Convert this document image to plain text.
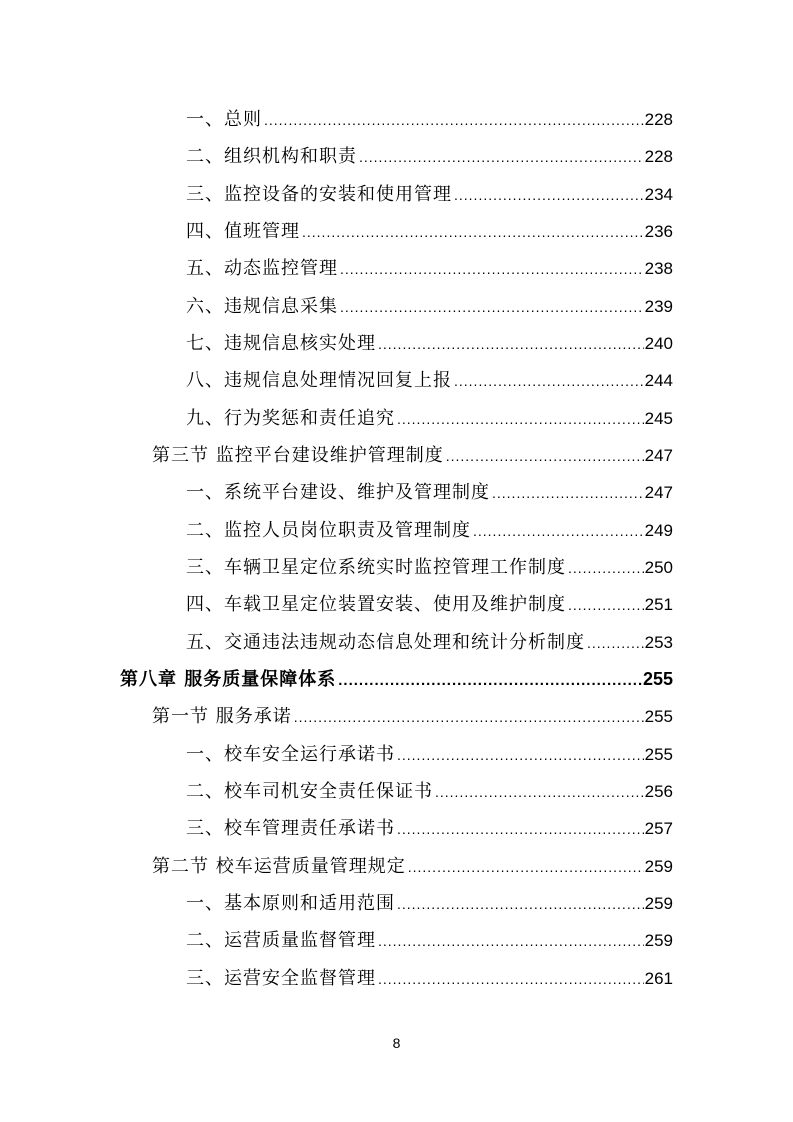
一、总则 .....	228
二、组织机构和职责 .....	228
三、监控设备的安装和使用管理 .....	234
四、值班管理 .....	236
五、动态监控管理 .....	238
六、违规信息采集 .....	239
七、违规信息核实处理 .....	240
八、违规信息处理情况回复上报 .....	244
九、行为奖惩和责任追究 .....	245
第三节 监控平台建设维护管理制度 .....	247
一、系统平台建设、维护及管理制度 .....	247
二、监控人员岗位职责及管理制度 .....	249
三、车辆卫星定位系统实时监控管理工作制度 .....	250
四、车载卫星定位装置安装、使用及维护制度 .....	251
五、交通违法违规动态信息处理和统计分析制度 .....	253
第八章 服务质量保障体系 .....	255
第一节 服务承诺 .....	255
一、校车安全运行承诺书 .....	255
二、校车司机安全责任保证书 .....	256
三、校车管理责任承诺书 .....	257
第二节 校车运营质量管理规定 .....	259
一、基本原则和适用范围 .....	259
二、运营质量监督管理 .....	259
三、运营安全监督管理 .....	261
8
